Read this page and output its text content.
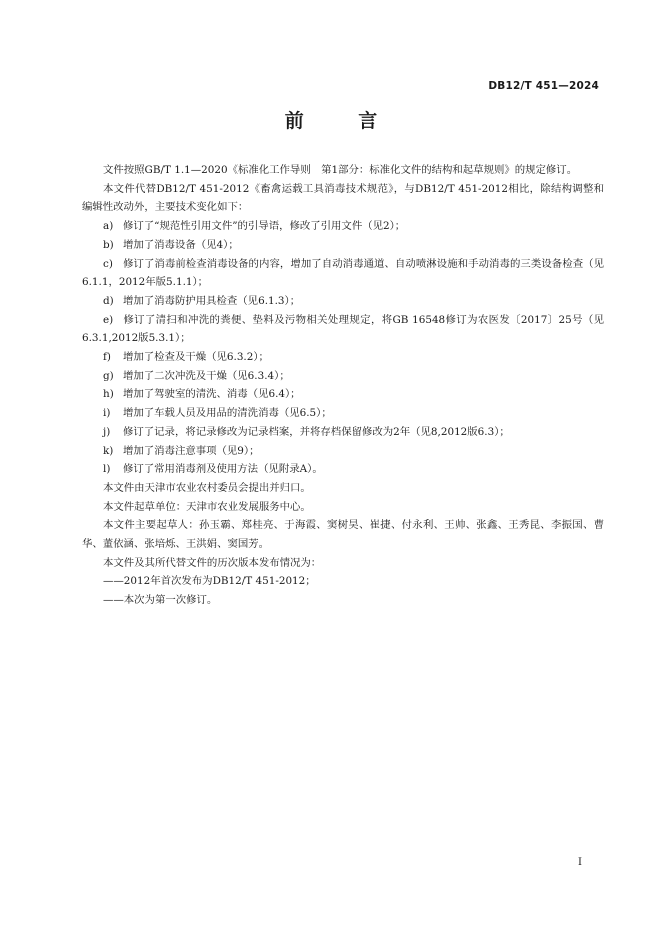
DB12/T 451—2024
前 言

文件按照GB/T 1.1—2020《标准化工作导则　第1部分：标准化文件的结构和起草规则》的规定修订。

本文件代替DB12/T 451-2012《畜禽运载工具消毒技术规范》，与DB12/T 451-2012相比，除结构调整和编辑性改动外，主要技术变化如下：

a) 修订了“规范性引用文件”的引导语，修改了引用文件（见2）；

b) 增加了消毒设备（见4）；

c) 修订了消毒前检查消毒设备的内容，增加了自动消毒通道、自动喷淋设施和手动消毒的三类设备检查（见6.1.1，2012年版5.1.1）；

d) 增加了消毒防护用具检查（见6.1.3）；

e) 修订了清扫和冲洗的粪便、垫料及污物相关处理规定，将GB 16548修订为农医发〔2017〕25号（见6.3.1,2012版5.3.1）；

f) 增加了检查及干燥（见6.3.2）；

g) 增加了二次冲洗及干燥（见6.3.4）；

h) 增加了驾驶室的清洗、消毒（见6.4）；

i) 增加了车载人员及用品的清洗消毒（见6.5）；

j) 修订了记录，将记录修改为记录档案，并将存档保留修改为2年（见8,2012版6.3）；

k) 增加了消毒注意事项（见9）；

l) 修订了常用消毒剂及使用方法（见附录A）。

本文件由天津市农业农村委员会提出并归口。

本文件起草单位：天津市农业发展服务中心。

本文件主要起草人：孙玉霸、郑桂亮、于海霞、窦树昊、崔捷、付永利、王帅、张鑫、王秀昆、李振国、曹华、董依涵、张培烁、王洪娟、窦国芳。

本文件及其所代替文件的历次版本发布情况为：

——2012年首次发布为DB12/T 451-2012；

——本次为第一次修订。

I
